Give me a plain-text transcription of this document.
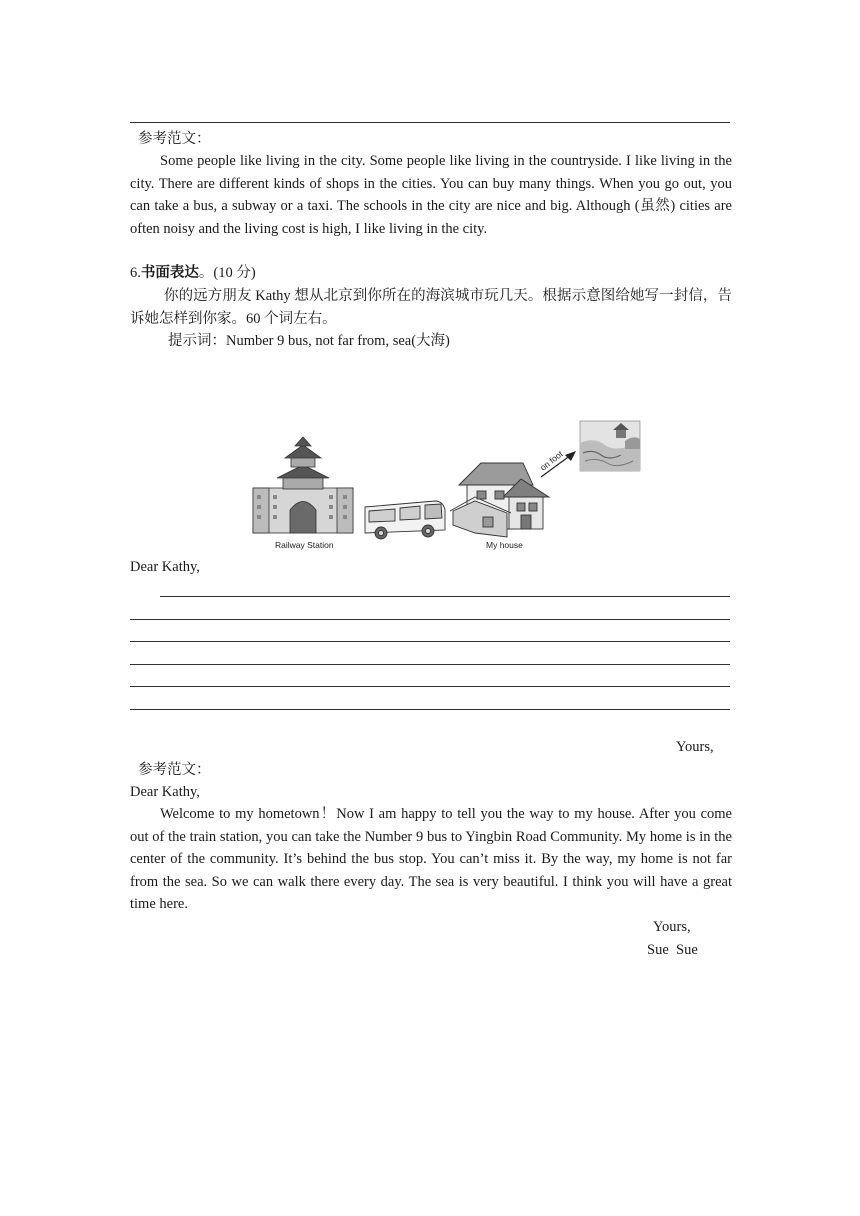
参考范文：
Some people like living in the city. Some people like living in the countryside. I like living in the city. There are different kinds of shops in the cities. You can buy many things. When you go out, you can take a bus, a subway or a taxi. The schools in the city are nice and big. Although (虽然) cities are often noisy and the living cost is high, I like living in the city.
6.书面表达。(10 分)
你的远方朋友 Kathy 想从北京到你所在的海滨城市玩几天。根据示意图给她写一封信，告诉她怎样到你家。60 个词左右。
提示词：Number 9 bus, not far from, sea(大海)
Railway Station	My house
on foot
Dear Kathy,
Yours,
参考范文：
Dear Kathy,
Welcome to my hometown！Now I am happy to tell you the way to my house. After you come out of the train station, you can take the Number 9 bus to Yingbin Road Community. My home is in the center of the community. It’s behind the bus stop. You can’t miss it. By the way, my home is not far from the sea. So we can walk there every day. The sea is very beautiful. I think you will have a great time here.
Yours,
Sue  Sue
